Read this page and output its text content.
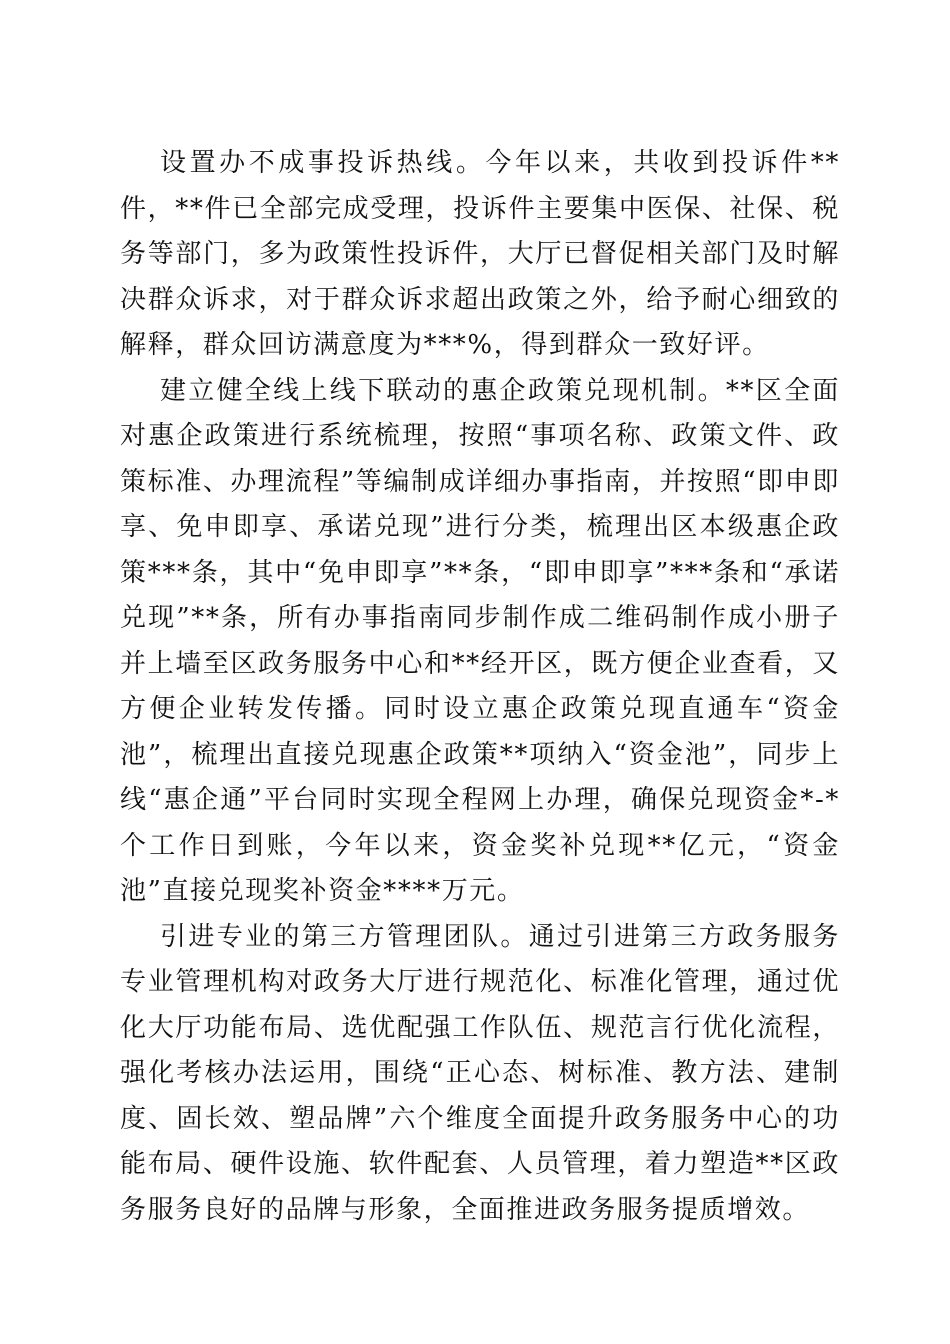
设置办不成事投诉热线。今年以来，共收到投诉件**件，**件已全部完成受理，投诉件主要集中医保、社保、税务等部门，多为政策性投诉件，大厅已督促相关部门及时解决群众诉求，对于群众诉求超出政策之外，给予耐心细致的解释，群众回访满意度为***%，得到群众一致好评。

建立健全线上线下联动的惠企政策兑现机制。**区全面对惠企政策进行系统梳理，按照“事项名称、政策文件、政策标准、办理流程”等编制成详细办事指南，并按照“即申即享、免申即享、承诺兑现”进行分类，梳理出区本级惠企政策***条，其中“免申即享”**条，“即申即享”***条和“承诺兑现”**条，所有办事指南同步制作成二维码制作成小册子并上墙至区政务服务中心和**经开区，既方便企业查看，又方便企业转发传播。同时设立惠企政策兑现直通车“资金池”，梳理出直接兑现惠企政策**项纳入“资金池”，同步上线“惠企通”平台同时实现全程网上办理，确保兑现资金*-*个工作日到账，今年以来，资金奖补兑现**亿元，“资金池”直接兑现奖补资金****万元。

引进专业的第三方管理团队。通过引进第三方政务服务专业管理机构对政务大厅进行规范化、标准化管理，通过优化大厅功能布局、选优配强工作队伍、规范言行优化流程，强化考核办法运用，围绕“正心态、树标准、教方法、建制度、固长效、塑品牌”六个维度全面提升政务服务中心的功能布局、硬件设施、软件配套、人员管理，着力塑造**区政务服务良好的品牌与形象，全面推进政务服务提质增效。
